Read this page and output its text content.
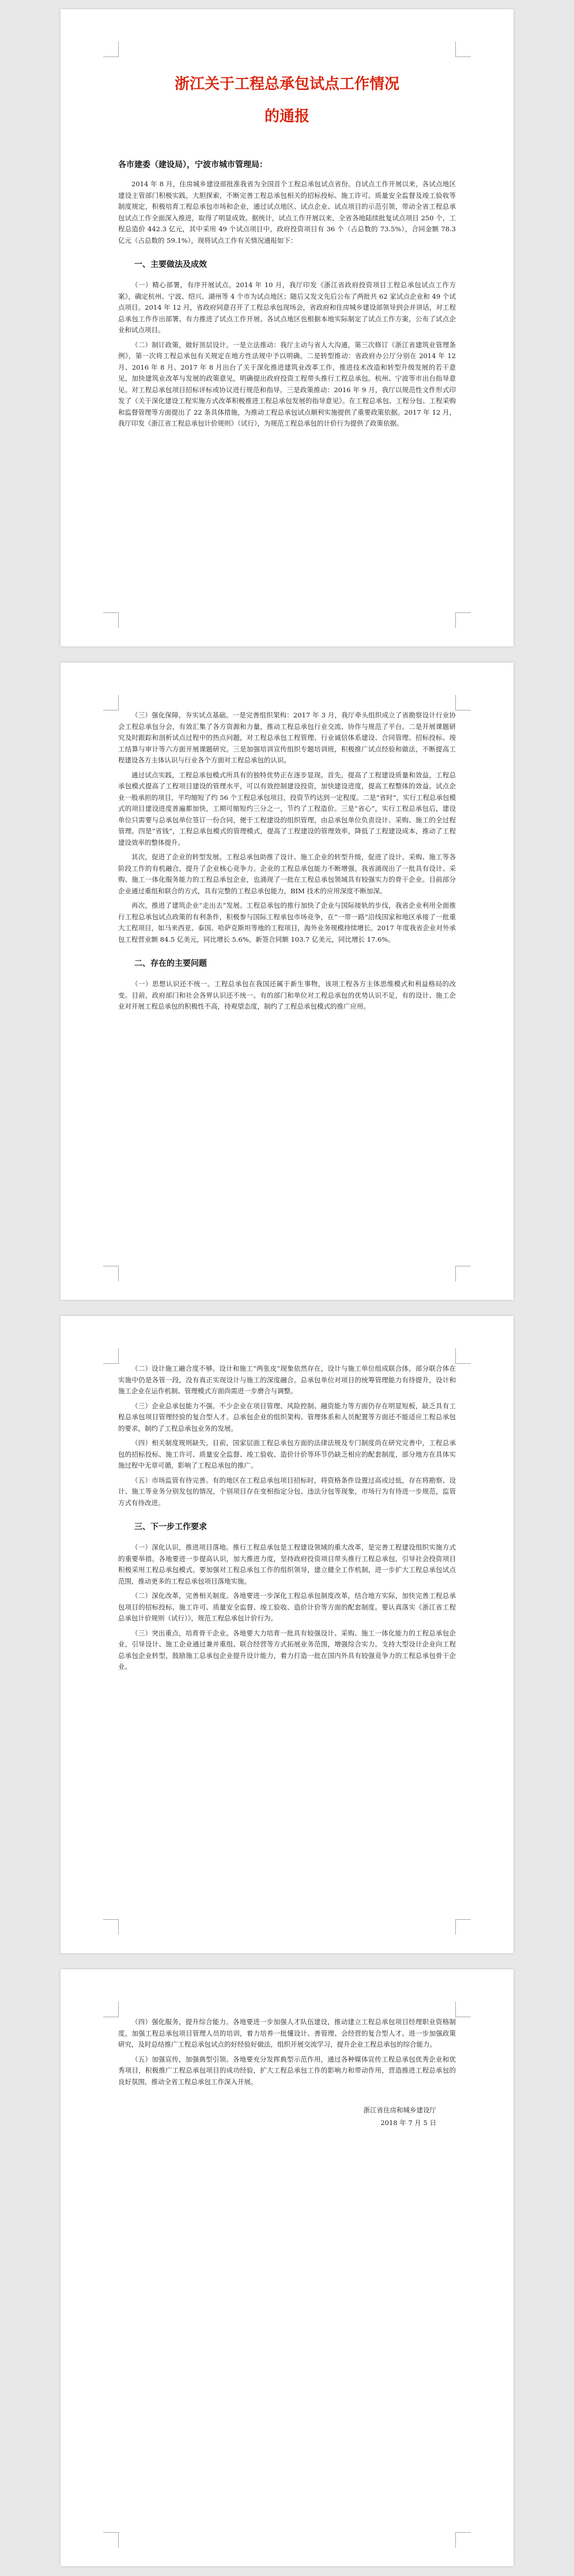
浙江关于工程总承包试点工作情况
的通报
各市建委（建设局），宁波市城市管理局：

2014 年 8 月，住房城乡建设部批准我省为全国首个工程总承包试点省份。自试点工作开展以来，各试点地区建设主管部门积极实践，大胆探索，不断完善工程总承包相关的招标投标、施工许可、质量安全监督及竣工验收等制度规定，积极培育工程总承包市场和企业，通过试点地区、试点企业、试点项目的示范引领，带动全省工程总承包试点工作全面深入推进，取得了明显成效。据统计，试点工作开展以来，全省各地陆续批复试点项目 250 个，工程总造价 442.3 亿元，其中采用 49 个试点项目中，政府投资项目有 36 个（占总数的 73.5%），合同金额 78.3 亿元（占总数的 59.1%），现将试点工作有关情况通报如下：

一、主要做法及成效

（一）精心部署，有序开展试点。2014 年 10 月，我厅印发《浙江省政府投资项目工程总承包试点工作方案》，确定杭州、宁波、绍兴、湖州等 4 个市为试点地区；随后又发文先后公布了两批共 62 家试点企业和 49 个试点项目。2014 年 12 月，省政府同意召开了工程总承包现场会，省政府和住房城乡建设部领导到会并讲话，对工程总承包工作作出部署。有力推进了试点工作开展。各试点地区也根据本地实际制定了试点工作方案，公布了试点企业和试点项目。

（二）制订政策，做好顶层设计。一是立法推动：我厅主动与省人大沟通，第三次修订《浙江省建筑业管理条例》，第一次将工程总承包有关规定在地方性法规中予以明确。二是转型推动：省政府办公厅分别在 2014 年 12 月、2016 年 8 月、2017 年 8 月出台了关于深化推进建筑业改革工作，推进技术改造和转型升级发展的若干意见，加快建筑业改革与发展的政策意见，明确提出政府投资工程带头推行工程总承包。杭州、宁波等市出台指导意见。对工程总承包项目招标评标或协议进行规范和指导。三是政策推动：2016 年 9 月，我厅以规范性文件形式印发了《关于深化建设工程实施方式改革积极推进工程总承包发展的指导意见》。在工程总承包、工程分包、工程采购和监督管理等方面提出了 22 条具体措施，为推动工程总承包试点顺利实施提供了重要政策依据。2017 年 12 月，我厅印发《浙江省工程总承包计价规则》（试行），为规范工程总承包的计价行为提供了政策依据。

（三）强化保障，夯实试点基础。一是完善组织架构：2017 年 3 月，我厅牵头组织成立了省勘察设计行业协会工程总承包分会，有效汇集了各方资源和力量，推动工程总承包行业交流、协作与规范了平台。二是开展课题研究及时跟踪和剖析试点过程中的热点问题，对工程总承包工程管理、行业诚信体系建设、合同管理、招标投标、竣工结算与审计等六方面开展课题研究。三是加强培训宣传组织专题培训班，积极推广试点经验和做法，不断提高工程建设各方主体认识与行业各个方面对工程总承包的认识。

通过试点实践，工程总承包模式所具有的独特优势正在逐步显现。首先，提高了工程建设质量和效益，工程总承包模式提高了工程项目建设的管理水平，可以有效控制建设投资，加快建设进度，提高工程整体的效益。试点企业一般承担的项目，平均缩短了约 56 个工程总承包项目，投资节约达到一定程度。二是“省时”，实行工程总承包模式的项目建设进度普遍都加快，工期可缩短约三分之一，节约了工程造价。三是“省心”，实行工程总承包后，建设单位只需要与总承包单位签订一份合同，便于工程建设的组织管理，由总承包单位负责设计、采购、施工的全过程管理。四是“省钱”，工程总承包模式的管理模式，提高了工程建设的管理效率，降低了工程建设成本，推动了工程建设效率的整体提升。

其次，促进了企业的转型发展。工程总承包助推了设计、施工企业的转型升级，促进了设计、采购、施工等各阶段工作的有机融合，提升了企业核心竞争力。企业的工程总承包能力不断增强，我省涌现出了一批具有设计、采购、施工一体化服务能力的工程总承包企业，也涌现了一批在工程总承包领域具有较强实力的骨干企业。目前部分企业通过重组和联合的方式，具有完整的工程总承包能力，BIM 技术的应用深度不断加深。

再次，推进了建筑企业“走出去”发展。工程总承包的推行加快了企业与国际接轨的步伐，我省企业利用全面推行工程总承包试点政策的有利条件，积极参与国际工程承包市场竞争，在“一带一路”沿线国家和地区承接了一批重大工程项目，如马来西亚、泰国、哈萨克斯坦等地的工程项目，海外业务规模持续增长。2017 年度我省企业对外承包工程营业额 84.5 亿美元，同比增长 5.6%，新签合同额 103.7 亿美元，同比增长 17.6%。

二、存在的主要问题

（一）思想认识还不统一。工程总承包在我国还属于新生事物，该项工程各方主体思维模式和利益格局的改变。目前，政府部门和社会各界认识还不统一。有的部门和单位对工程总承包的优势认识不足，有的设计、施工企业对开展工程总承包的积极性不高，持观望态度，制约了工程总承包模式的推广应用。

（二）设计施工融合度不够。设计和施工“两张皮”现象依然存在，设计与施工单位组成联合体，部分联合体在实施中仍是各管一段，没有真正实现设计与施工的深度融合。总承包单位对项目的统筹管理能力有待提升，设计和施工企业在运作机制、管理模式方面尚需进一步磨合与调整。

（三）企业总承包能力不强。不少企业在项目管理、风险控制、融资能力等方面仍存在明显短板，缺乏具有工程总承包项目管理经验的复合型人才。总承包企业的组织架构、管理体系和人员配置等方面还不能适应工程总承包的要求，制约了工程总承包业务的发展。

（四）相关制度规则缺失。目前，国家层面工程总承包方面的法律法规及专门制度尚在研究完善中，工程总承包的招标投标、施工许可、质量安全监督、竣工验收、造价计价等环节仍缺乏相应的配套制度，部分地方在具体实施过程中无章可循，影响了工程总承包的推广。

（五）市场监管有待完善。有的地区在工程总承包项目招标时，将资格条件设置过高或过低，存在将勘察、设计、施工等业务分别发包的情况，个别项目存在变相指定分包、违法分包等现象，市场行为有待进一步规范，监管方式有待改进。

三、下一步工作要求

（一）深化认识，推进项目落地。推行工程总承包是工程建设领域的重大改革，是完善工程建设组织实施方式的重要举措。各地要进一步提高认识，加大推进力度，坚持政府投资项目带头推行工程总承包，引导社会投资项目积极采用工程总承包模式。要加强对工程总承包工作的组织领导，建立健全工作机制，进一步扩大工程总承包试点范围，推动更多的工程总承包项目落地实施。

（二）深化改革，完善相关制度。各地要进一步深化工程总承包制度改革，结合地方实际，加快完善工程总承包项目的招标投标、施工许可、质量安全监督、竣工验收、造价计价等方面的配套制度。要认真落实《浙江省工程总承包计价规则（试行）》，规范工程总承包计价行为。

（三）突出重点，培育骨干企业。各地要大力培育一批具有较强设计、采购、施工一体化能力的工程总承包企业，引导设计、施工企业通过兼并重组、联合经营等方式拓展业务范围，增强综合实力。支持大型设计企业向工程总承包企业转型，鼓励施工总承包企业提升设计能力，着力打造一批在国内外具有较强竞争力的工程总承包骨干企业。

（四）强化服务，提升综合能力。各地要进一步加强人才队伍建设，推动建立工程总承包项目经理职业资格制度，加强工程总承包项目管理人员的培训，着力培养一批懂设计、善管理、会经营的复合型人才。进一步加强政策研究，及时总结推广工程总承包试点的好经验好做法，组织开展交流学习，提升企业工程总承包的综合能力。

（五）加强宣传，加强典型引领。各地要充分发挥典型示范作用，通过各种媒体宣传工程总承包优秀企业和优秀项目，积极推广工程总承包项目的成功经验，扩大工程总承包工作的影响力和带动作用，营造推进工程总承包的良好氛围，推动全省工程总承包工作深入开展。

浙江省住房和城乡建设厅
2018 年 7 月 5 日
